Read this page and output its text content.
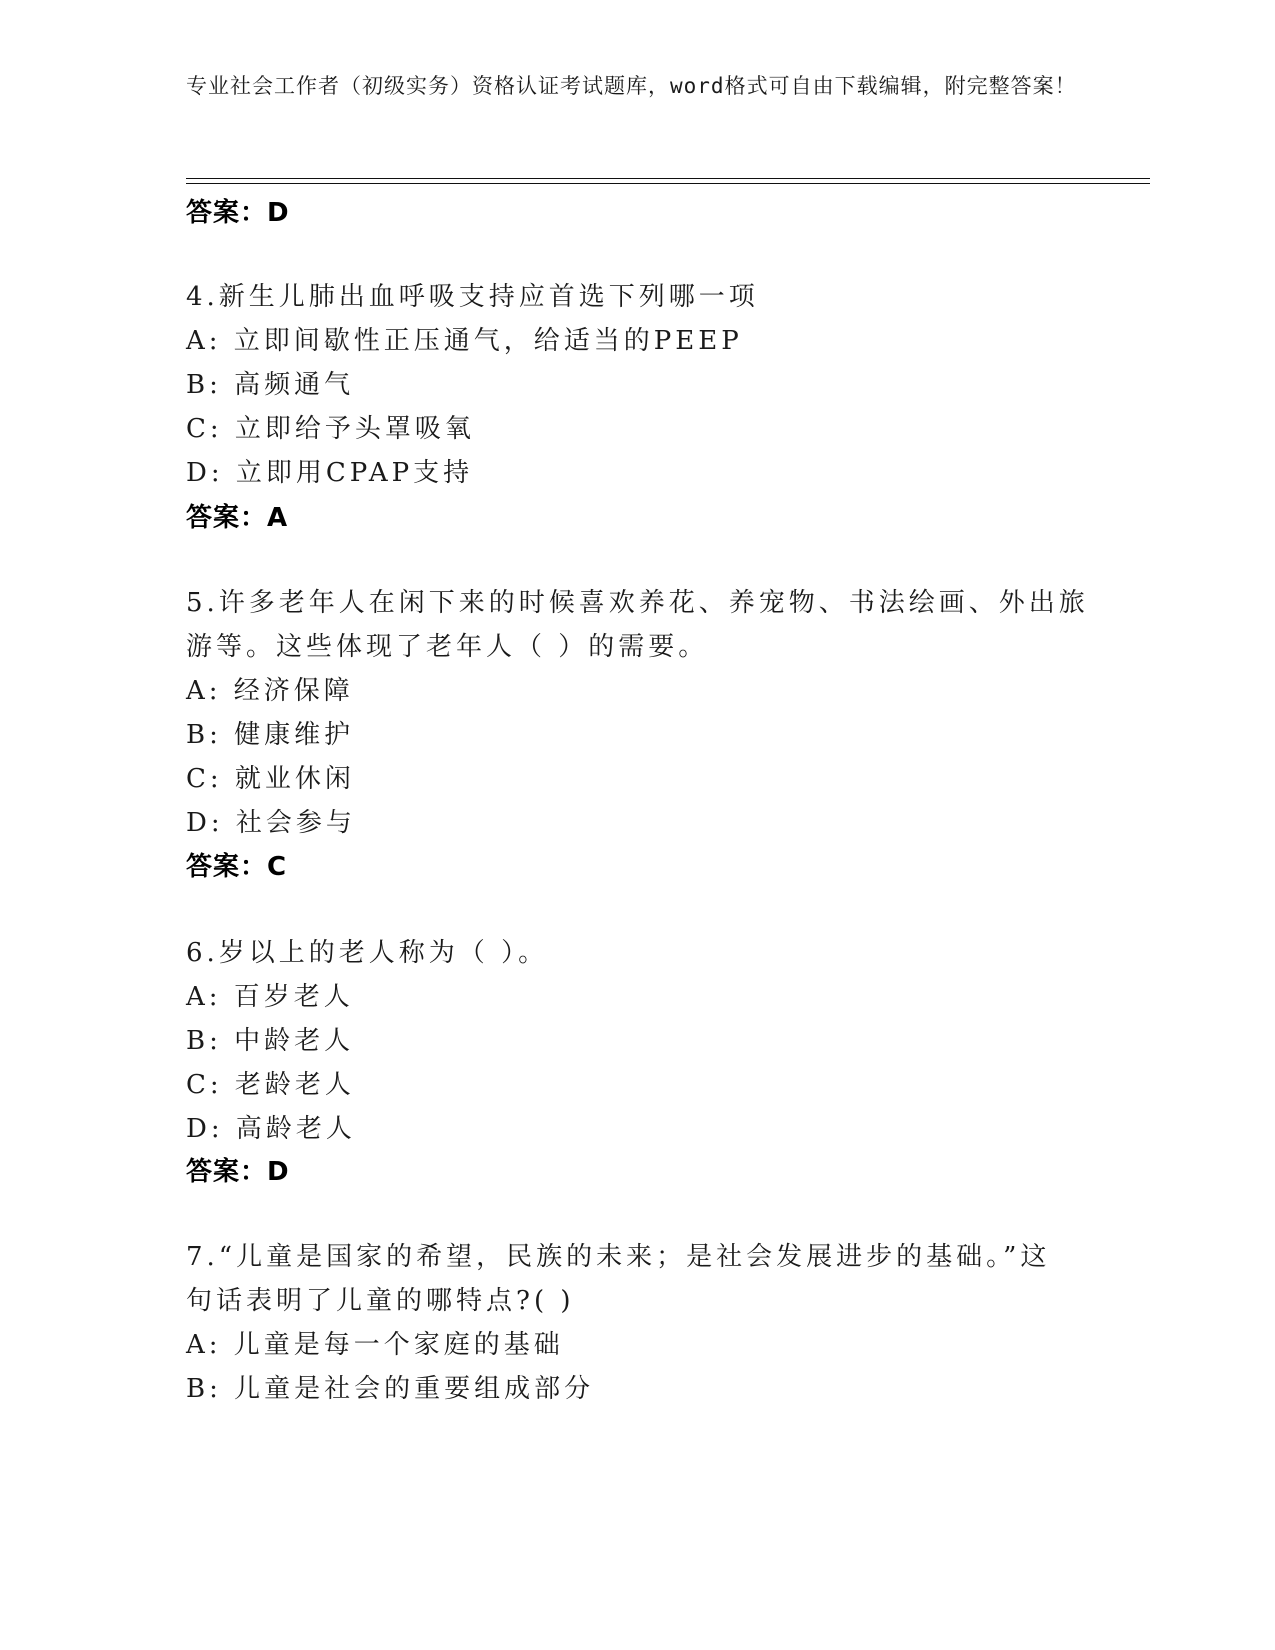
专业社会工作者（初级实务）资格认证考试题库，word格式可自由下载编辑，附完整答案！
答案：D
4.新生儿肺出血呼吸支持应首选下列哪一项
A: 立即间歇性正压通气，给适当的PEEP
B: 高频通气
C: 立即给予头罩吸氧
D: 立即用CPAP支持
答案：A
5.许多老年人在闲下来的时候喜欢养花、养宠物、书法绘画、外出旅
游等。这些体现了老年人（ ）的需要。
A: 经济保障
B: 健康维护
C: 就业休闲
D: 社会参与
答案：C
6.岁以上的老人称为（ ）。
A: 百岁老人
B: 中龄老人
C: 老龄老人
D: 高龄老人
答案：D
7.“儿童是国家的希望，民族的未来；是社会发展进步的基础。”这
句话表明了儿童的哪特点?( )
A: 儿童是每一个家庭的基础
B: 儿童是社会的重要组成部分
